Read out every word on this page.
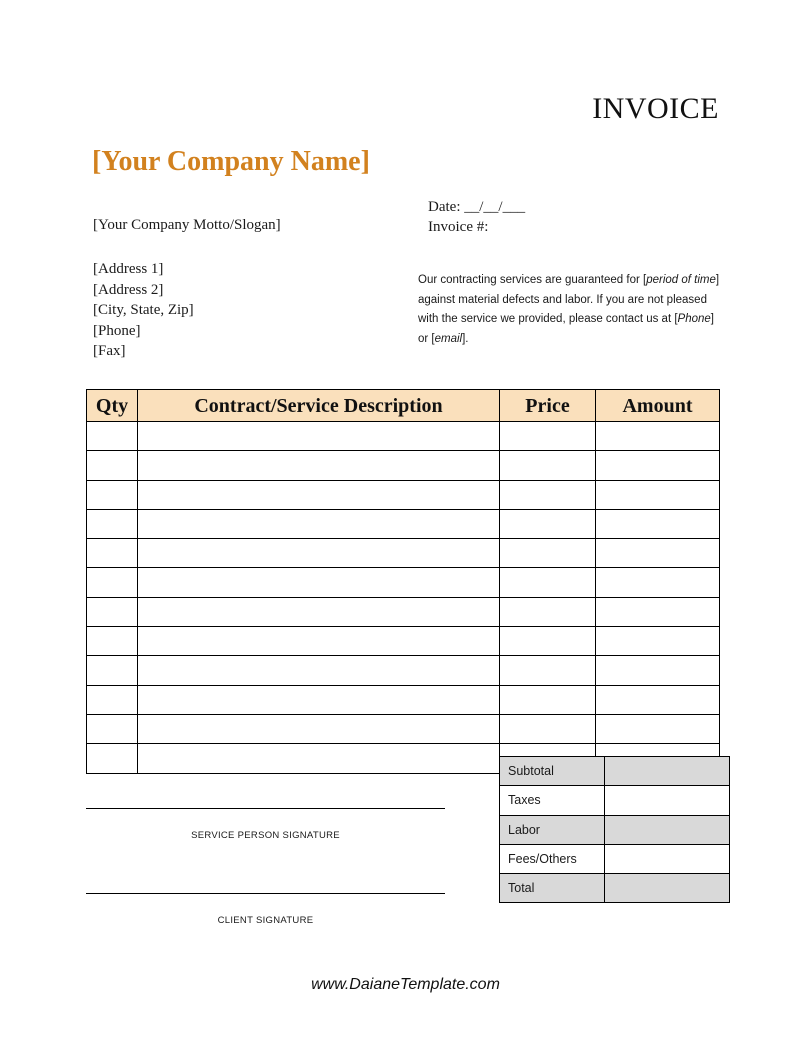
INVOICE
[Your Company Name]
[Your Company Motto/Slogan]
[Address 1]
[Address 2]
[City, State, Zip]
[Phone]
[Fax]
Date: __/__/___
Invoice #:
Our contracting services are guaranteed for [period of time] against material defects and labor. If you are not pleased with the service we provided, please contact us at [Phone] or [email].
Qty	Contract/Service Description	Price	Amount

Subtotal	
Taxes	
Labor	
Fees/Others	
Total	
SERVICE PERSON SIGNATURE
CLIENT SIGNATURE
www.DaianeTemplate.com
